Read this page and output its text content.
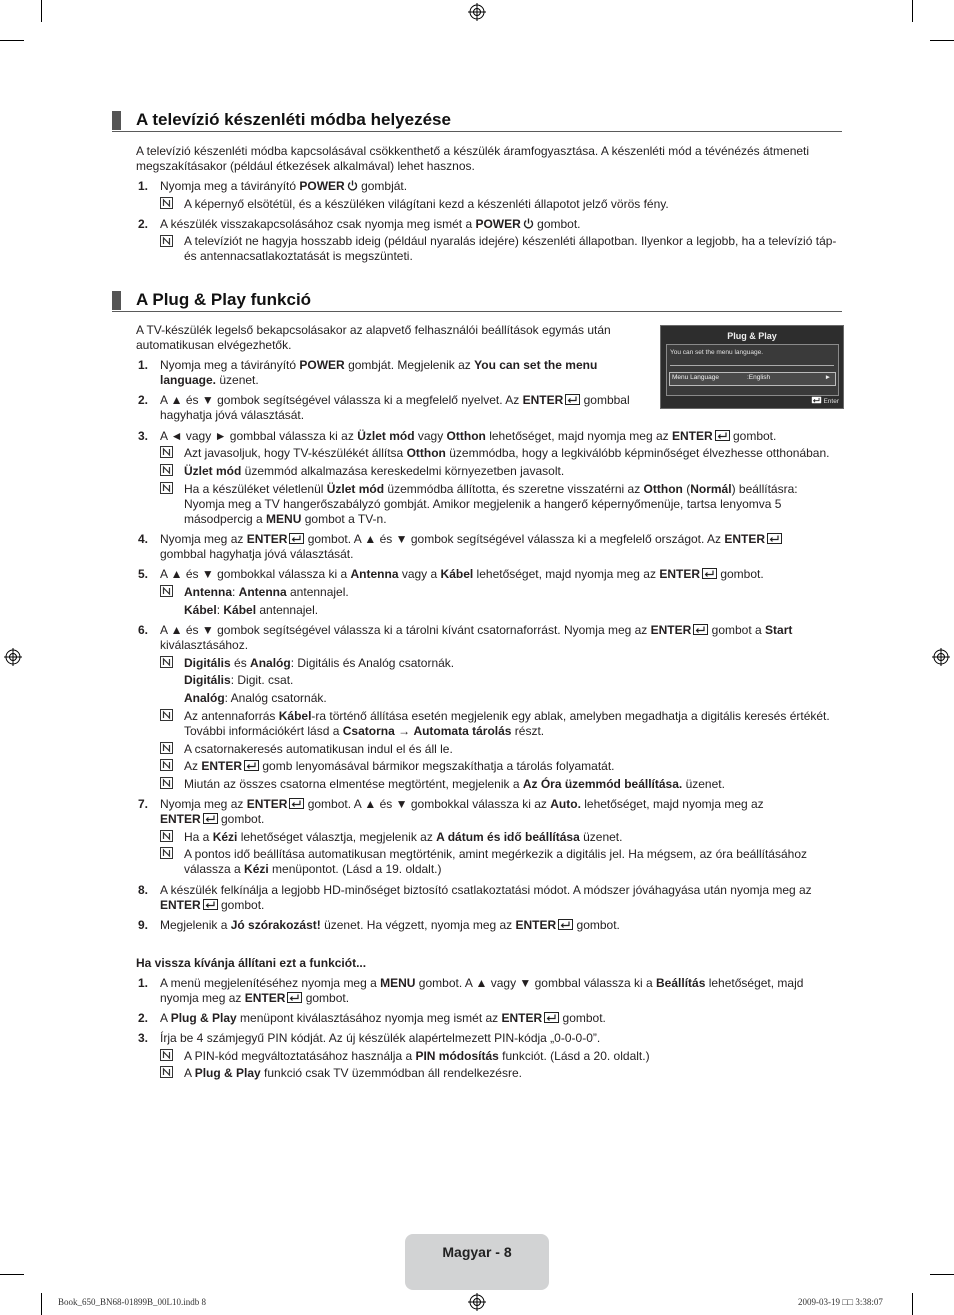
A televízió készenléti módba helyezése
A televízió készenléti módba kapcsolásával csökkenthető a készülék áramfogyasztása. A készenléti mód a tévénézés átmeneti megszakításakor (például étkezések alkalmával) lehet hasznos.
1. Nyomja meg a távirányító POWER gombját.
A képernyő elsötétül, és a készüléken világítani kezd a készenléti állapotot jelző vörös fény.
2. A készülék visszakapcsolásához csak nyomja meg ismét a POWER gombot.
A televíziót ne hagyja hosszabb ideig (például nyaralás idejére) készenléti állapotban. Ilyenkor a legjobb, ha a televízió táp- és antennacsatlakoztatását is megszünteti.
A Plug & Play funkció
A TV-készülék legelső bekapcsolásakor az alapvető felhasználói beállítások egymás után automatikusan elvégezhetők.
Plug & Play
You can set the menu language.
Menu Language	:English	►
Enter
1. Nyomja meg a távirányító POWER gombját. Megjelenik az You can set the menu language. üzenet.
2. A ▲ és ▼ gombok segítségével válassza ki a megfelelő nyelvet. Az ENTER gombbal hagyhatja jóvá választását.
3. A ◄ vagy ► gombbal válassza ki az Üzlet mód vagy Otthon lehetőséget, majd nyomja meg az ENTER gombot.
Azt javasoljuk, hogy TV-készülékét állítsa Otthon üzemmódba, hogy a legkiválóbb képminőséget élvezhesse otthonában.
Üzlet mód üzemmód alkalmazása kereskedelmi környezetben javasolt.
Ha a készüléket véletlenül Üzlet mód üzemmódba állította, és szeretne visszatérni az Otthon (Normál) beállításra: Nyomja meg a TV hangerőszabályzó gombját. Amikor megjelenik a hangerő képernyőmenüje, tartsa lenyomva 5 másodpercig a MENU gombot a TV-n.
4. Nyomja meg az ENTER gombot. A ▲ és ▼ gombok segítségével válassza ki a megfelelő országot. Az ENTER gombbal hagyhatja jóvá választását.
5. A ▲ és ▼ gombokkal válassza ki a Antenna vagy a Kábel lehetőséget, majd nyomja meg az ENTER gombot.
Antenna: Antenna antennajel.
Kábel: Kábel antennajel.
6. A ▲ és ▼ gombok segítségével válassza ki a tárolni kívánt csatornaforrást. Nyomja meg az ENTER gombot a Start kiválasztásához.
Digitális és Analóg: Digitális és Analóg csatornák.
Digitális: Digit. csat.
Analóg: Analóg csatornák.
Az antennaforrás Kábel-ra történő állítása esetén megjelenik egy ablak, amelyben megadhatja a digitális keresés értékét. További információkért lásd a Csatorna → Automata tárolás részt.
A csatornakeresés automatikusan indul el és áll le.
Az ENTER gomb lenyomásával bármikor megszakíthatja a tárolás folyamatát.
Miután az összes csatorna elmentése megtörtént, megjelenik a Az Óra üzemmód beállítása. üzenet.
7. Nyomja meg az ENTER gombot. A ▲ és ▼ gombokkal válassza ki az Auto. lehetőséget, majd nyomja meg az ENTER gombot.
Ha a Kézi lehetőséget választja, megjelenik az A dátum és idő beállítása üzenet.
A pontos idő beállítása automatikusan megtörténik, amint megérkezik a digitális jel. Ha mégsem, az óra beállításához válassza a Kézi menüpontot. (Lásd a 19. oldalt.)
8. A készülék felkínálja a legjobb HD-minőséget biztosító csatlakoztatási módot. A módszer jóváhagyása után nyomja meg az ENTER gombot.
9. Megjelenik a Jó szórakozást! üzenet. Ha végzett, nyomja meg az ENTER gombot.
Ha vissza kívánja állítani ezt a funkciót...
1. A menü megjelenítéséhez nyomja meg a MENU gombot. A ▲ vagy ▼ gombbal válassza ki a Beállítás lehetőséget, majd nyomja meg az ENTER gombot.
2. A Plug & Play menüpont kiválasztásához nyomja meg ismét az ENTER gombot.
3. Írja be 4 számjegyű PIN kódját. Az új készülék alapértelmezett PIN-kódja „0-0-0-0”.
A PIN-kód megváltoztatásához használja a PIN módosítás funkciót. (Lásd a 20. oldalt.)
A Plug & Play funkció csak TV üzemmódban áll rendelkezésre.
Magyar - 8
Book_650_BN68-01899B_00L10.indb 8	2009-03-19 □□ 3:38:07
